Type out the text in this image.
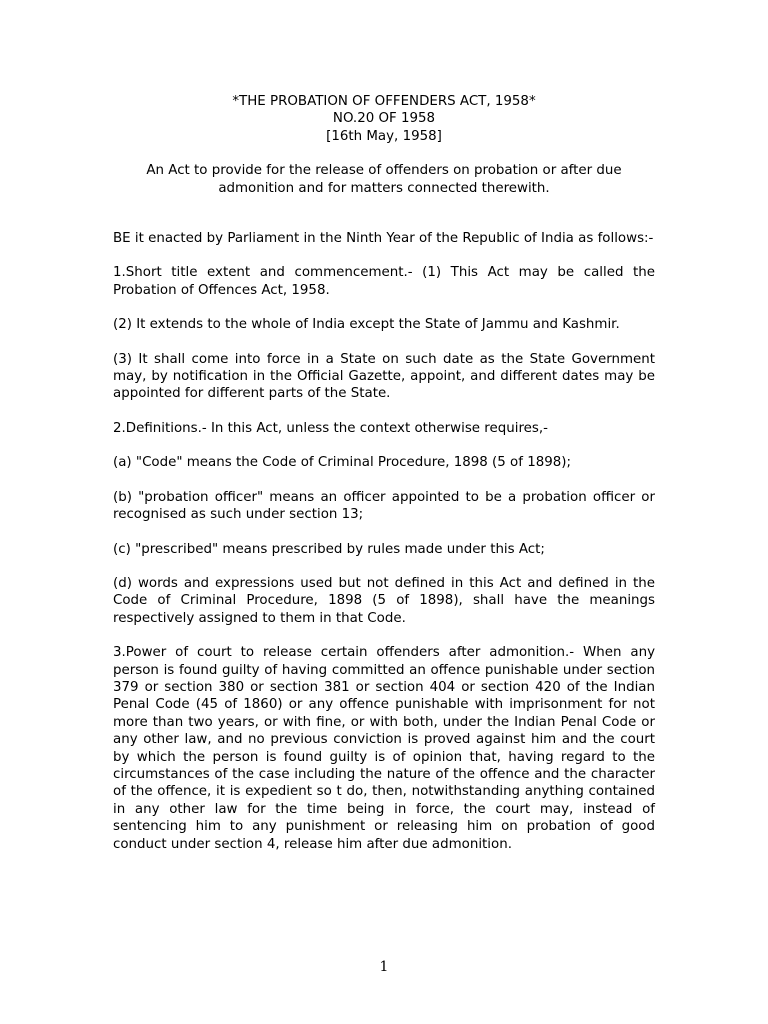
*THE PROBATION OF OFFENDERS ACT, 1958*
NO.20 OF 1958
[16th May, 1958]
An Act to provide for the release of offenders on probation or after due admonition and for matters connected therewith.

BE it enacted by Parliament in the Ninth Year of the Republic of India as follows:-

1.Short title extent and commencement.- (1) This Act may be called the Probation of Offences Act, 1958.

(2) It extends to the whole of India except the State of Jammu and Kashmir.

(3) It shall come into force in a State on such date as the State Government may, by notification in the Official Gazette, appoint, and different dates may be appointed for different parts of the State.

2.Definitions.- In this Act, unless the context otherwise requires,-

(a) "Code" means the Code of Criminal Procedure, 1898 (5 of 1898);

(b) "probation officer" means an officer appointed to be a probation officer or recognised as such under section 13;

(c) "prescribed" means prescribed by rules made under this Act;

(d) words and expressions used but not defined in this Act and defined in the Code of Criminal Procedure, 1898 (5 of 1898), shall have the meanings respectively assigned to them in that Code.

3.Power of court to release certain offenders after admonition.- When any person is found guilty of having committed an offence punishable under section 379 or section 380 or section 381 or section 404 or section 420 of the Indian Penal Code (45 of 1860) or any offence punishable with imprisonment for not more than two years, or with fine, or with both, under the Indian Penal Code or any other law, and no previous conviction is proved against him and the court by which the person is found guilty is of opinion that, having regard to the circumstances of the case including the nature of the offence and the character of the offence, it is expedient so t do, then, notwithstanding anything contained in any other law for the time being in force, the court may, instead of sentencing him to any punishment or releasing him on probation of good conduct under section 4, release him after due admonition.

1
